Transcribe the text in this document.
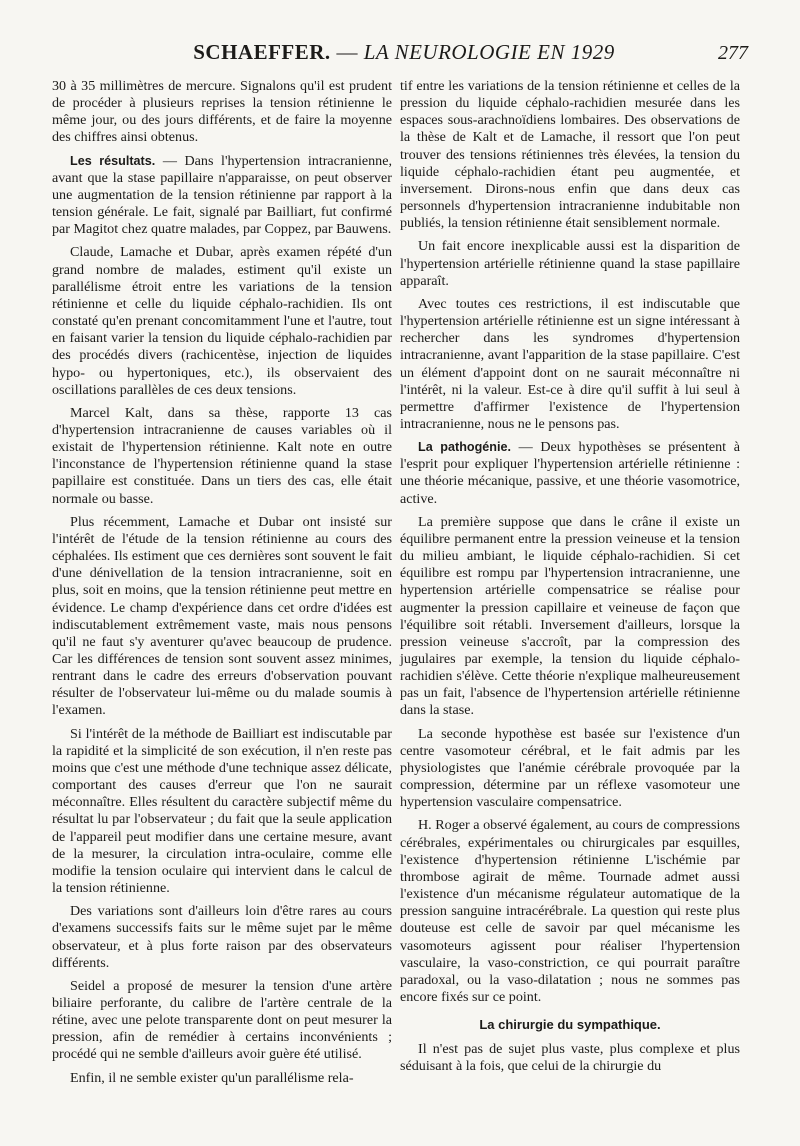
SCHAEFFER. — LA NEUROLOGIE EN 1929	277

30 à 35 millimètres de mercure. Signalons qu'il est prudent de procéder à plusieurs reprises la tension rétinienne le même jour, ou des jours différents, et de faire la moyenne des chiffres ainsi obtenus.

Les résultats. — Dans l'hypertension intracranienne, avant que la stase papillaire n'apparaisse, on peut observer une augmentation de la tension rétinienne par rapport à la tension générale. Le fait, signalé par Bailliart, fut confirmé par Magitot chez quatre malades, par Coppez, par Bauwens.

Claude, Lamache et Dubar, après examen répété d'un grand nombre de malades, estiment qu'il existe un parallélisme étroit entre les variations de la tension rétinienne et celle du liquide céphalo-rachidien. Ils ont constaté qu'en prenant concomitamment l'une et l'autre, tout en faisant varier la tension du liquide céphalo-rachidien par des procédés divers (rachicentèse, injection de liquides hypo- ou hypertoniques, etc.), ils observaient des oscillations parallèles de ces deux tensions.

Marcel Kalt, dans sa thèse, rapporte 13 cas d'hypertension intracranienne de causes variables où il existait de l'hypertension rétinienne. Kalt note en outre l'inconstance de l'hypertension rétinienne quand la stase papillaire est constituée. Dans un tiers des cas, elle était normale ou basse.

Plus récemment, Lamache et Dubar ont insisté sur l'intérêt de l'étude de la tension rétinienne au cours des céphalées. Ils estiment que ces dernières sont souvent le fait d'une dénivellation de la tension intracranienne, soit en plus, soit en moins, que la tension rétinienne peut mettre en évidence. Le champ d'expérience dans cet ordre d'idées est indiscutablement extrêmement vaste, mais nous pensons qu'il ne faut s'y aventurer qu'avec beaucoup de prudence. Car les différences de tension sont souvent assez minimes, rentrant dans le cadre des erreurs d'observation pouvant résulter de l'observateur lui-même ou du malade soumis à l'examen.

Si l'intérêt de la méthode de Bailliart est indiscutable par la rapidité et la simplicité de son exécution, il n'en reste pas moins que c'est une méthode d'une technique assez délicate, comportant des causes d'erreur que l'on ne saurait méconnaître. Elles résultent du caractère subjectif même du résultat lu par l'observateur ; du fait que la seule application de l'appareil peut modifier dans une certaine mesure, avant de la mesurer, la circulation intra-oculaire, comme elle modifie la tension oculaire qui intervient dans le calcul de la tension rétinienne.

Des variations sont d'ailleurs loin d'être rares au cours d'examens successifs faits sur le même sujet par le même observateur, et à plus forte raison par des observateurs différents.

Seidel a proposé de mesurer la tension d'une artère biliaire perforante, du calibre de l'artère centrale de la rétine, avec une pelote transparente dont on peut mesurer la pression, afin de remédier à certains inconvénients ; procédé qui ne semble d'ailleurs avoir guère été utilisé.

Enfin, il ne semble exister qu'un parallélisme rela-

tif entre les variations de la tension rétinienne et celles de la pression du liquide céphalo-rachidien mesurée dans les espaces sous-arachnoïdiens lombaires. Des observations de la thèse de Kalt et de Lamache, il ressort que l'on peut trouver des tensions rétiniennes très élevées, la tension du liquide céphalo-rachidien étant peu augmentée, et inversement. Dirons-nous enfin que dans deux cas personnels d'hypertension intracranienne indubitable non publiés, la tension rétinienne était sensiblement normale.

Un fait encore inexplicable aussi est la disparition de l'hypertension artérielle rétinienne quand la stase papillaire apparaît.

Avec toutes ces restrictions, il est indiscutable que l'hypertension artérielle rétinienne est un signe intéressant à rechercher dans les syndromes d'hypertension intracranienne, avant l'apparition de la stase papillaire. C'est un élément d'appoint dont on ne saurait méconnaître ni l'intérêt, ni la valeur. Est-ce à dire qu'il suffit à lui seul à permettre d'affirmer l'existence de l'hypertension intracranienne, nous ne le pensons pas.

La pathogénie. — Deux hypothèses se présentent à l'esprit pour expliquer l'hypertension artérielle rétinienne : une théorie mécanique, passive, et une théorie vasomotrice, active.

La première suppose que dans le crâne il existe un équilibre permanent entre la pression veineuse et la tension du milieu ambiant, le liquide céphalo-rachidien. Si cet équilibre est rompu par l'hypertension intracranienne, une hypertension artérielle compensatrice se réalise pour augmenter la pression capillaire et veineuse de façon que l'équilibre soit rétabli. Inversement d'ailleurs, lorsque la pression veineuse s'accroît, par la compression des jugulaires par exemple, la tension du liquide céphalo-rachidien s'élève. Cette théorie n'explique malheureusement pas un fait, l'absence de l'hypertension artérielle rétinienne dans la stase.

La seconde hypothèse est basée sur l'existence d'un centre vasomoteur cérébral, et le fait admis par les physiologistes que l'anémie cérébrale provoquée par la compression, détermine par un réflexe vasomoteur une hypertension vasculaire compensatrice.

H. Roger a observé également, au cours de compressions cérébrales, expérimentales ou chirurgicales par esquilles, l'existence d'hypertension rétinienne L'ischémie par thrombose agirait de même. Tournade admet aussi l'existence d'un mécanisme régulateur automatique de la pression sanguine intracérébrale. La question qui reste plus douteuse est celle de savoir par quel mécanisme les vasomoteurs agissent pour réaliser l'hypertension vasculaire, la vaso-constriction, ce qui pourrait paraître paradoxal, ou la vaso-dilatation ; nous ne sommes pas encore fixés sur ce point.

La chirurgie du sympathique.

Il n'est pas de sujet plus vaste, plus complexe et plus séduisant à la fois, que celui de la chirurgie du
